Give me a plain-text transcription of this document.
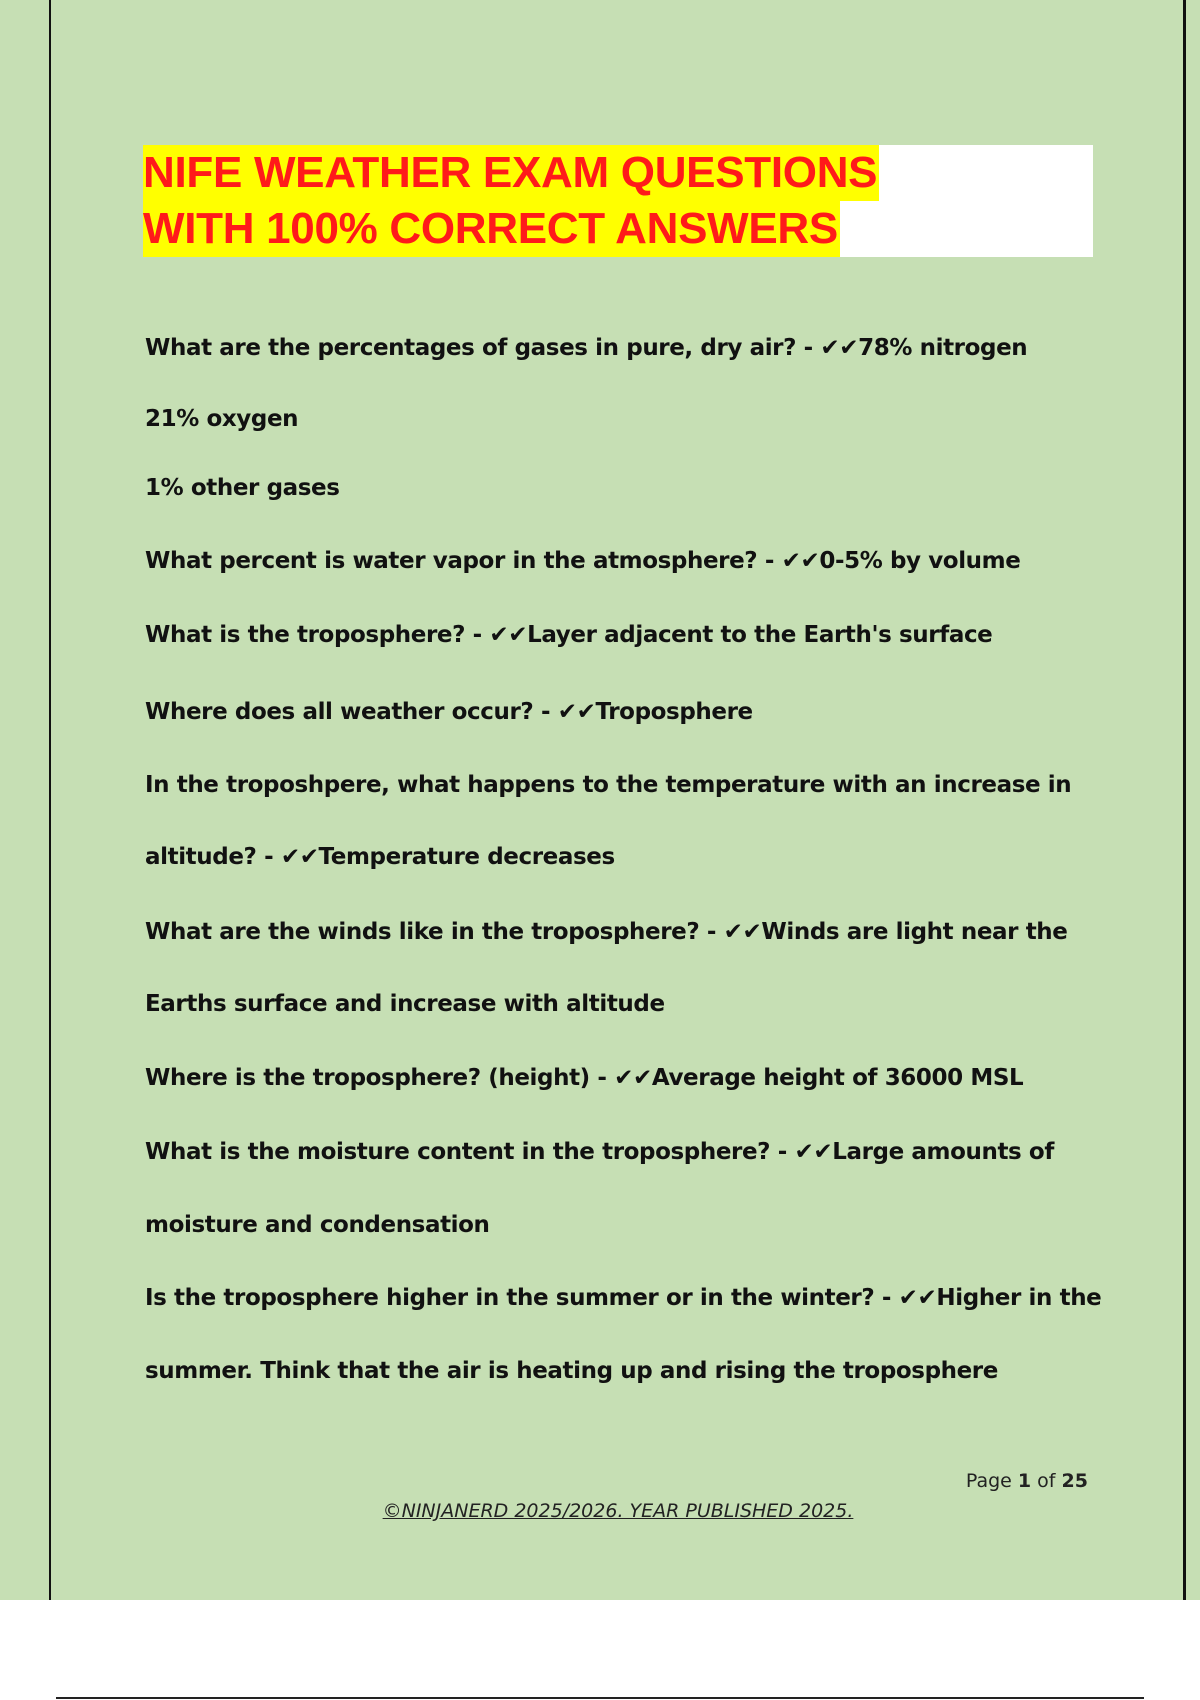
NIFE WEATHER EXAM QUESTIONS

WITH 100% CORRECT ANSWERS

What are the percentages of gases in pure, dry air? - ✔✔78% nitrogen

21% oxygen

1% other gases

What percent is water vapor in the atmosphere? - ✔✔0-5% by volume

What is the troposphere? - ✔✔Layer adjacent to the Earth's surface

Where does all weather occur? - ✔✔Troposphere

In the troposhpere, what happens to the temperature with an increase in

altitude? - ✔✔Temperature decreases

What are the winds like in the troposphere? - ✔✔Winds are light near the

Earths surface and increase with altitude

Where is the troposphere? (height) - ✔✔Average height of 36000 MSL

What is the moisture content in the troposphere? - ✔✔Large amounts of

moisture and condensation

Is the troposphere higher in the summer or in the winter? - ✔✔Higher in the

summer. Think that the air is heating up and rising the troposphere

Page 1 of 25
©NINJANERD 2025/2026. YEAR PUBLISHED 2025.
